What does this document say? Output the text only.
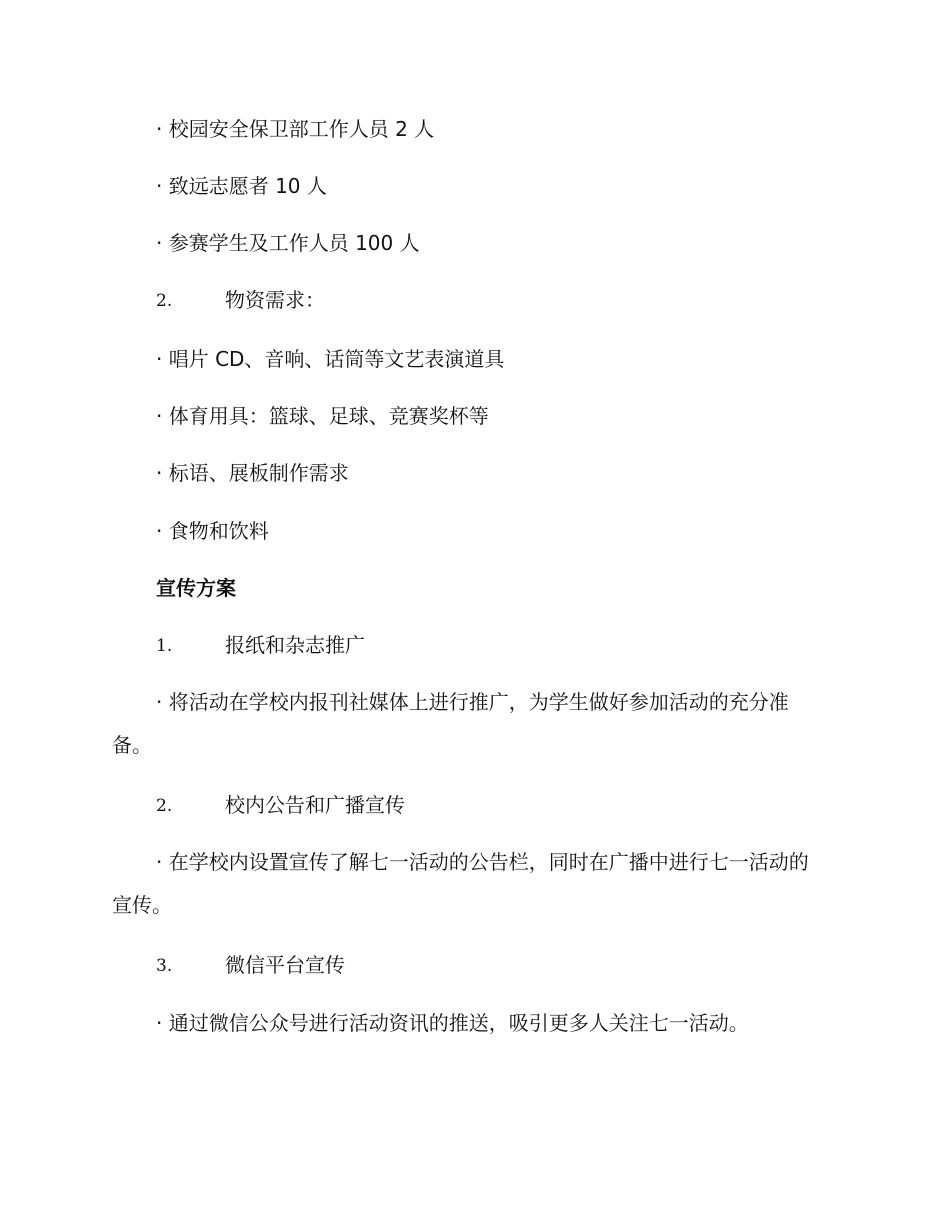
· 校园安全保卫部工作人员 2 人
· 致远志愿者 10 人
· 参赛学生及工作人员 100 人
2.	物资需求：
· 唱片 CD、音响、话筒等文艺表演道具
· 体育用具：篮球、足球、竞赛奖杯等
· 标语、展板制作需求
· 食物和饮料
宣传方案
1.	报纸和杂志推广
· 将活动在学校内报刊社媒体上进行推广，为学生做好参加活动的充分准备。
2.	校内公告和广播宣传
· 在学校内设置宣传了解七一活动的公告栏，同时在广播中进行七一活动的宣传。
3.	微信平台宣传
· 通过微信公众号进行活动资讯的推送，吸引更多人关注七一活动。
